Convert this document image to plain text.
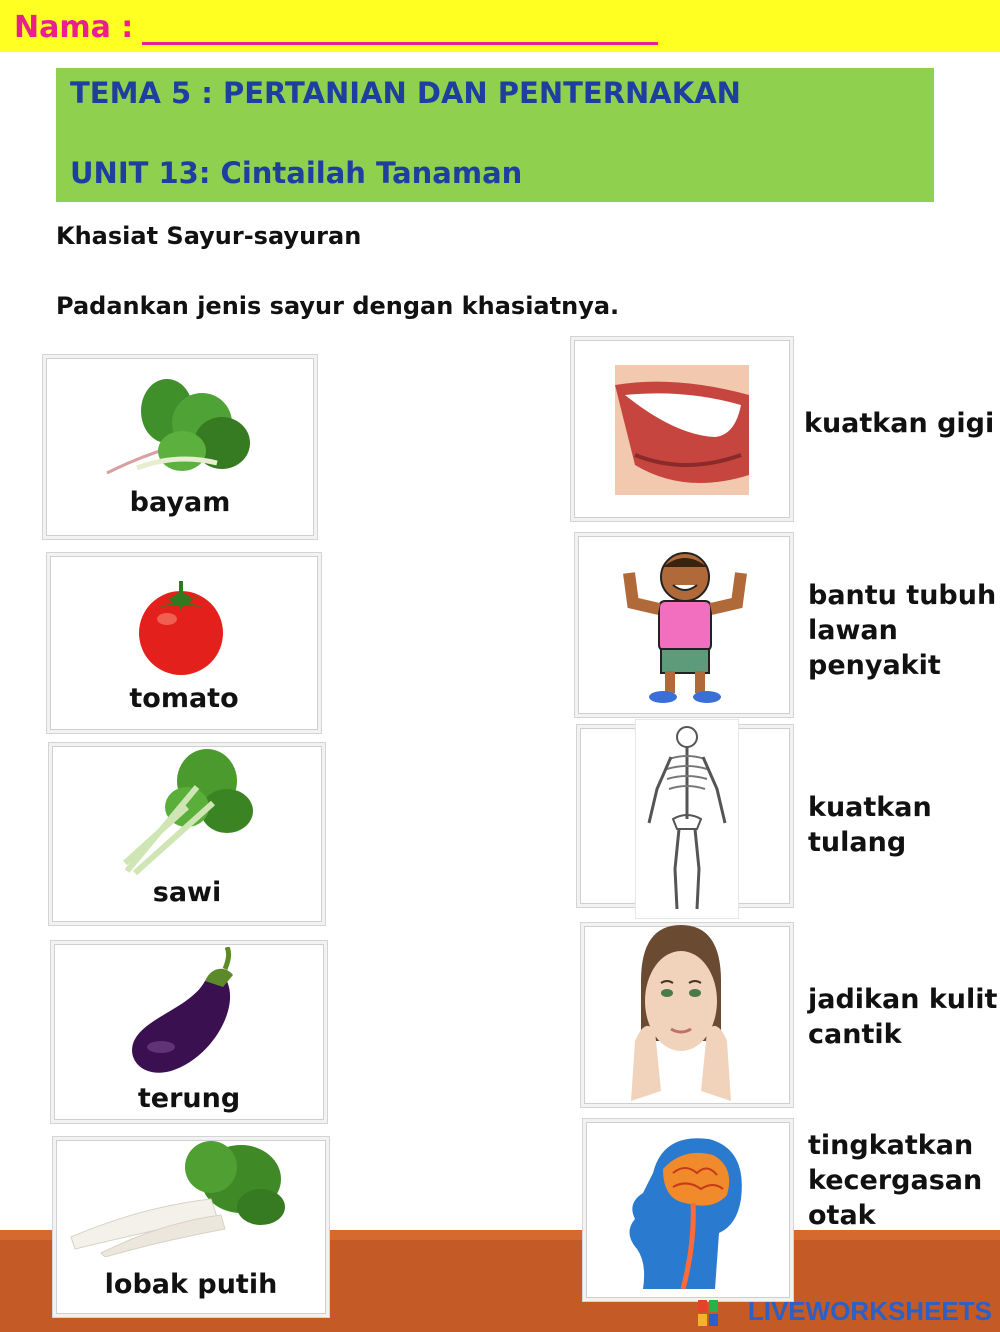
Nama :
TEMA 5 : PERTANIAN DAN PENTERNAKAN
UNIT 13: Cintailah Tanaman
Khasiat Sayur-sayuran
Padankan jenis sayur dengan khasiatnya.
bayam
tomato
sawi
terung
lobak putih
kuatkan gigi
bantu tubuh
lawan
penyakit
kuatkan
tulang
jadikan kulit
cantik
tingkatkan
kecergasan
otak
LIVEWORKSHEETS
